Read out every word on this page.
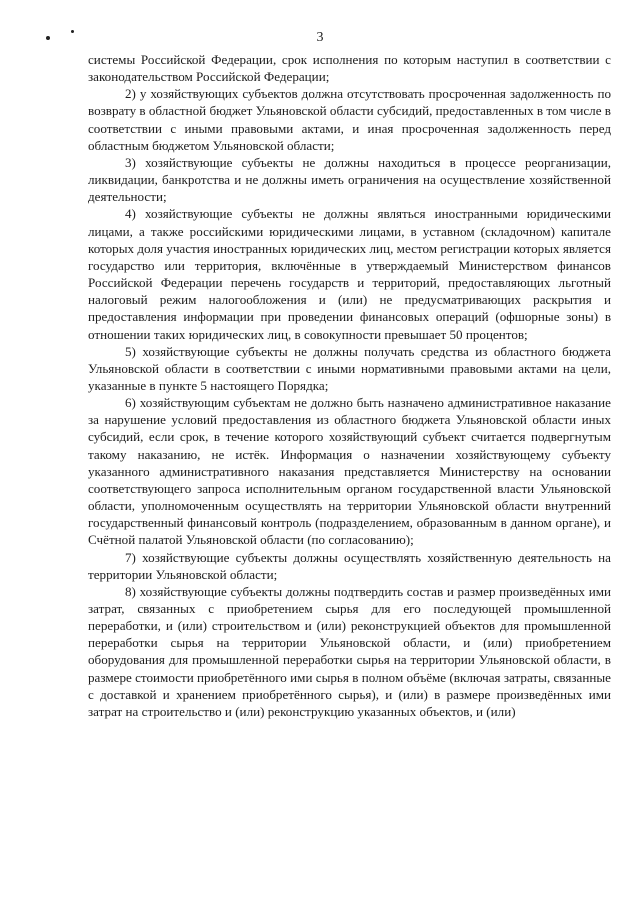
3

системы Российской Федерации, срок исполнения по которым наступил в соответствии с законодательством Российской Федерации;

2) у хозяйствующих субъектов должна отсутствовать просроченная задолженность по возврату в областной бюджет Ульяновской области субсидий, предоставленных в том числе в соответствии с иными правовыми актами, и иная просроченная задолженность перед областным бюджетом Ульяновской области;

3) хозяйствующие субъекты не должны находиться в процессе реорганизации, ликвидации, банкротства и не должны иметь ограничения на осуществление хозяйственной деятельности;

4) хозяйствующие субъекты не должны являться иностранными юридическими лицами, а также российскими юридическими лицами, в уставном (складочном) капитале которых доля участия иностранных юридических лиц, местом регистрации которых является государство или территория, включённые в утверждаемый Министерством финансов Российской Федерации перечень государств и территорий, предоставляющих льготный налоговый режим налогообложения и (или) не предусматривающих раскрытия и предоставления информации при проведении финансовых операций (офшорные зоны) в отношении таких юридических лиц, в совокупности превышает 50 процентов;

5) хозяйствующие субъекты не должны получать средства из областного бюджета Ульяновской области в соответствии с иными нормативными правовыми актами на цели, указанные в пункте 5 настоящего Порядка;

6) хозяйствующим субъектам не должно быть назначено административное наказание за нарушение условий предоставления из областного бюджета Ульяновской области иных субсидий, если срок, в течение которого хозяйствующий субъект считается подвергнутым такому наказанию, не истёк. Информация о назначении хозяйствующему субъекту указанного административного наказания представляется Министерству на основании соответствующего запроса исполнительным органом государственной власти Ульяновской области, уполномоченным осуществлять на территории Ульяновской области внутренний государственный финансовый контроль (подразделением, образованным в данном органе), и Счётной палатой Ульяновской области (по согласованию);

7) хозяйствующие субъекты должны осуществлять хозяйственную деятельность на территории Ульяновской области;

8) хозяйствующие субъекты должны подтвердить состав и размер произведённых ими затрат, связанных с приобретением сырья для его последующей промышленной переработки, и (или) строительством и (или) реконструкцией объектов для промышленной переработки сырья на территории Ульяновской области, и (или) приобретением оборудования для промышленной переработки сырья на территории Ульяновской области, в размере стоимости приобретённого ими сырья в полном объёме (включая затраты, связанные с доставкой и хранением приобретённого сырья), и (или) в размере произведённых ими затрат на строительство и (или) реконструкцию указанных объектов, и (или)
